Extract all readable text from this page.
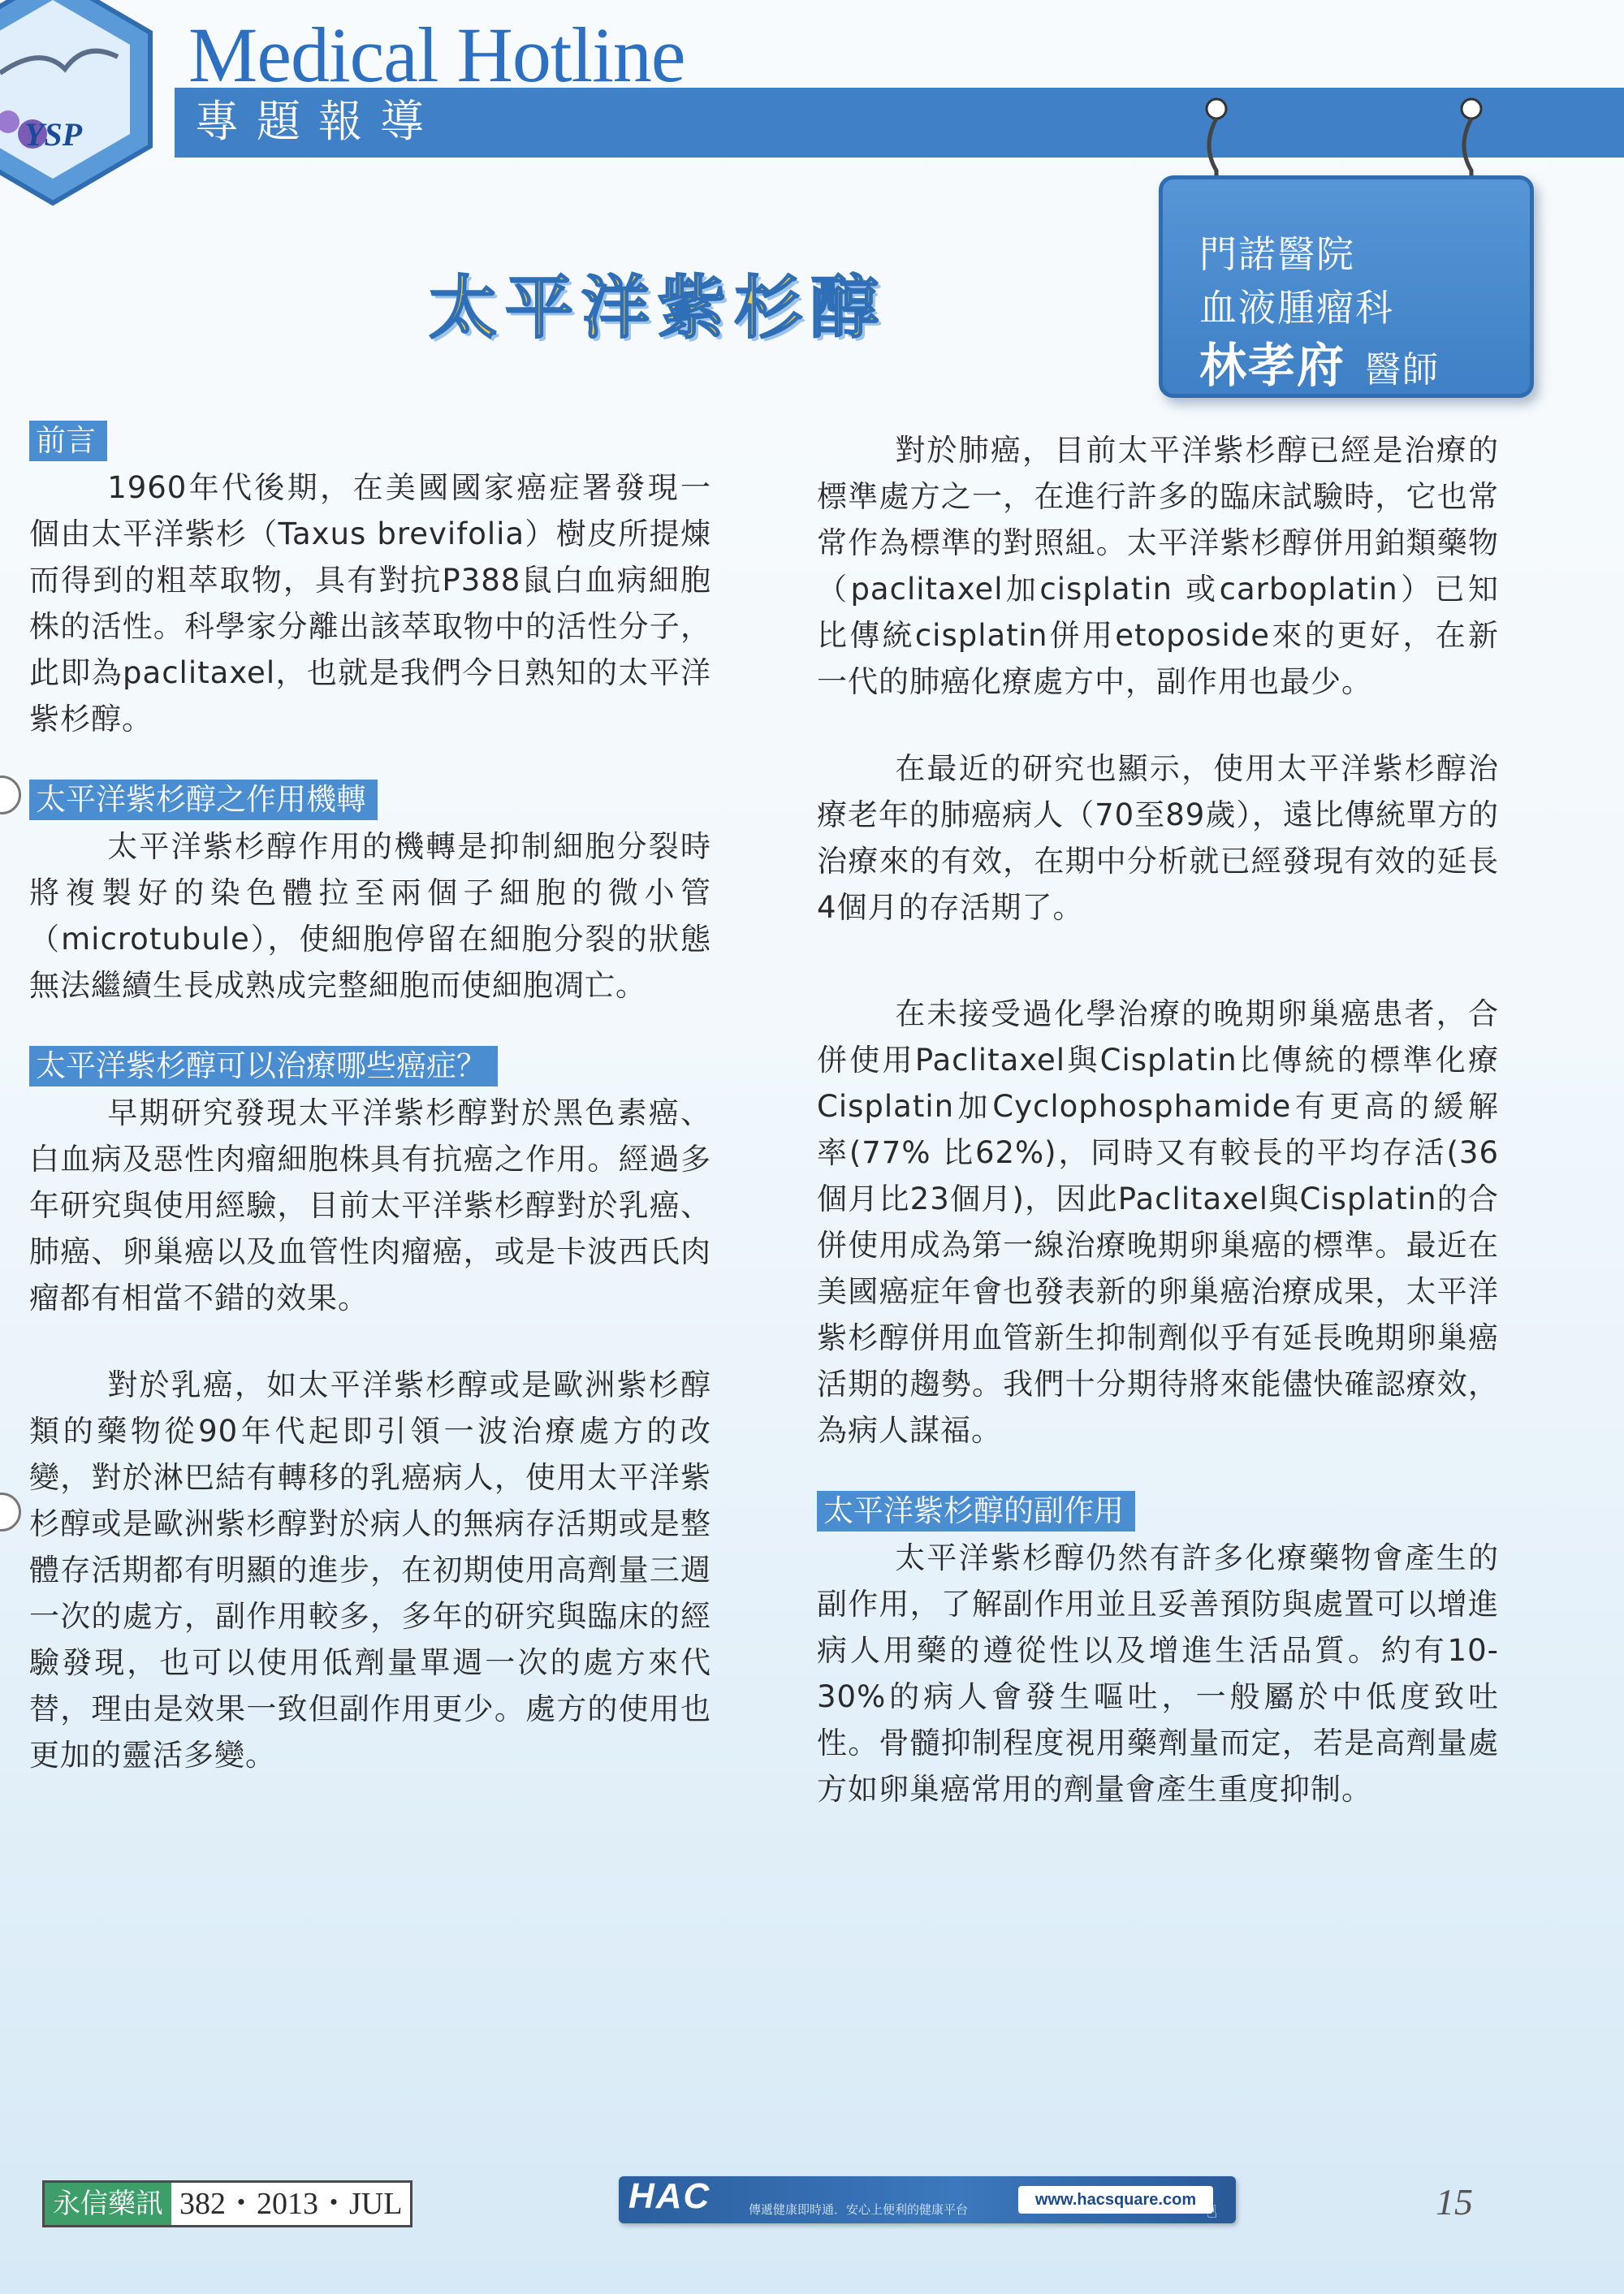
YSP
Medical Hotline
專題報導
門諾醫院
血液腫瘤科
林孝府 醫師
太平洋紫杉醇
前言

1960年代後期，在美國國家癌症署發現一個由太平洋紫杉（Taxus brevifolia）樹皮所提煉而得到的粗萃取物，具有對抗P388鼠白血病細胞株的活性。科學家分離出該萃取物中的活性分子，此即為paclitaxel，也就是我們今日熟知的太平洋紫杉醇。

太平洋紫杉醇之作用機轉

太平洋紫杉醇作用的機轉是抑制細胞分裂時將複製好的染色體拉至兩個子細胞的微小管（microtubule），使細胞停留在細胞分裂的狀態無法繼續生長成熟成完整細胞而使細胞凋亡。

太平洋紫杉醇可以治療哪些癌症？

早期研究發現太平洋紫杉醇對於黑色素癌、白血病及惡性肉瘤細胞株具有抗癌之作用。經過多年研究與使用經驗，目前太平洋紫杉醇對於乳癌、肺癌、卵巢癌以及血管性肉瘤癌，或是卡波西氏肉瘤都有相當不錯的效果。

對於乳癌，如太平洋紫杉醇或是歐洲紫杉醇類的藥物從90年代起即引領一波治療處方的改變，對於淋巴結有轉移的乳癌病人，使用太平洋紫杉醇或是歐洲紫杉醇對於病人的無病存活期或是整體存活期都有明顯的進步，在初期使用高劑量三週一次的處方，副作用較多，多年的研究與臨床的經驗發現，也可以使用低劑量單週一次的處方來代替，理由是效果一致但副作用更少。處方的使用也更加的靈活多變。

對於肺癌，目前太平洋紫杉醇已經是治療的標準處方之一，在進行許多的臨床試驗時，它也常常作為標準的對照組。太平洋紫杉醇併用鉑類藥物（paclitaxel加cisplatin 或carboplatin）已知比傳統cisplatin併用etoposide來的更好，在新一代的肺癌化療處方中，副作用也最少。

在最近的研究也顯示，使用太平洋紫杉醇治療老年的肺癌病人（70至89歲），遠比傳統單方的治療來的有效，在期中分析就已經發現有效的延長4個月的存活期了。

在未接受過化學治療的晚期卵巢癌患者，合併使用Paclitaxel與Cisplatin比傳統的標準化療Cisplatin加Cyclophosphamide有更高的緩解率(77% 比62%)，同時又有較長的平均存活(36個月比23個月)，因此Paclitaxel與Cisplatin的合併使用成為第一線治療晚期卵巢癌的標準。最近在美國癌症年會也發表新的卵巢癌治療成果，太平洋紫杉醇併用血管新生抑制劑似乎有延長晚期卵巢癌活期的趨勢。我們十分期待將來能儘快確認療效，為病人謀福。

太平洋紫杉醇的副作用

太平洋紫杉醇仍然有許多化療藥物會產生的副作用，了解副作用並且妥善預防與處置可以增進病人用藥的遵從性以及增進生活品質。約有10-30%的病人會發生嘔吐，一般屬於中低度致吐性。骨髓抑制程度視用藥劑量而定，若是高劑量處方如卵巢癌常用的劑量會產生重度抑制。

永信藥訊 382・2013・JUL	HAC	傳遞健康即時通．安心上便利的健康平台
www.hacsquare.com
☝	15
